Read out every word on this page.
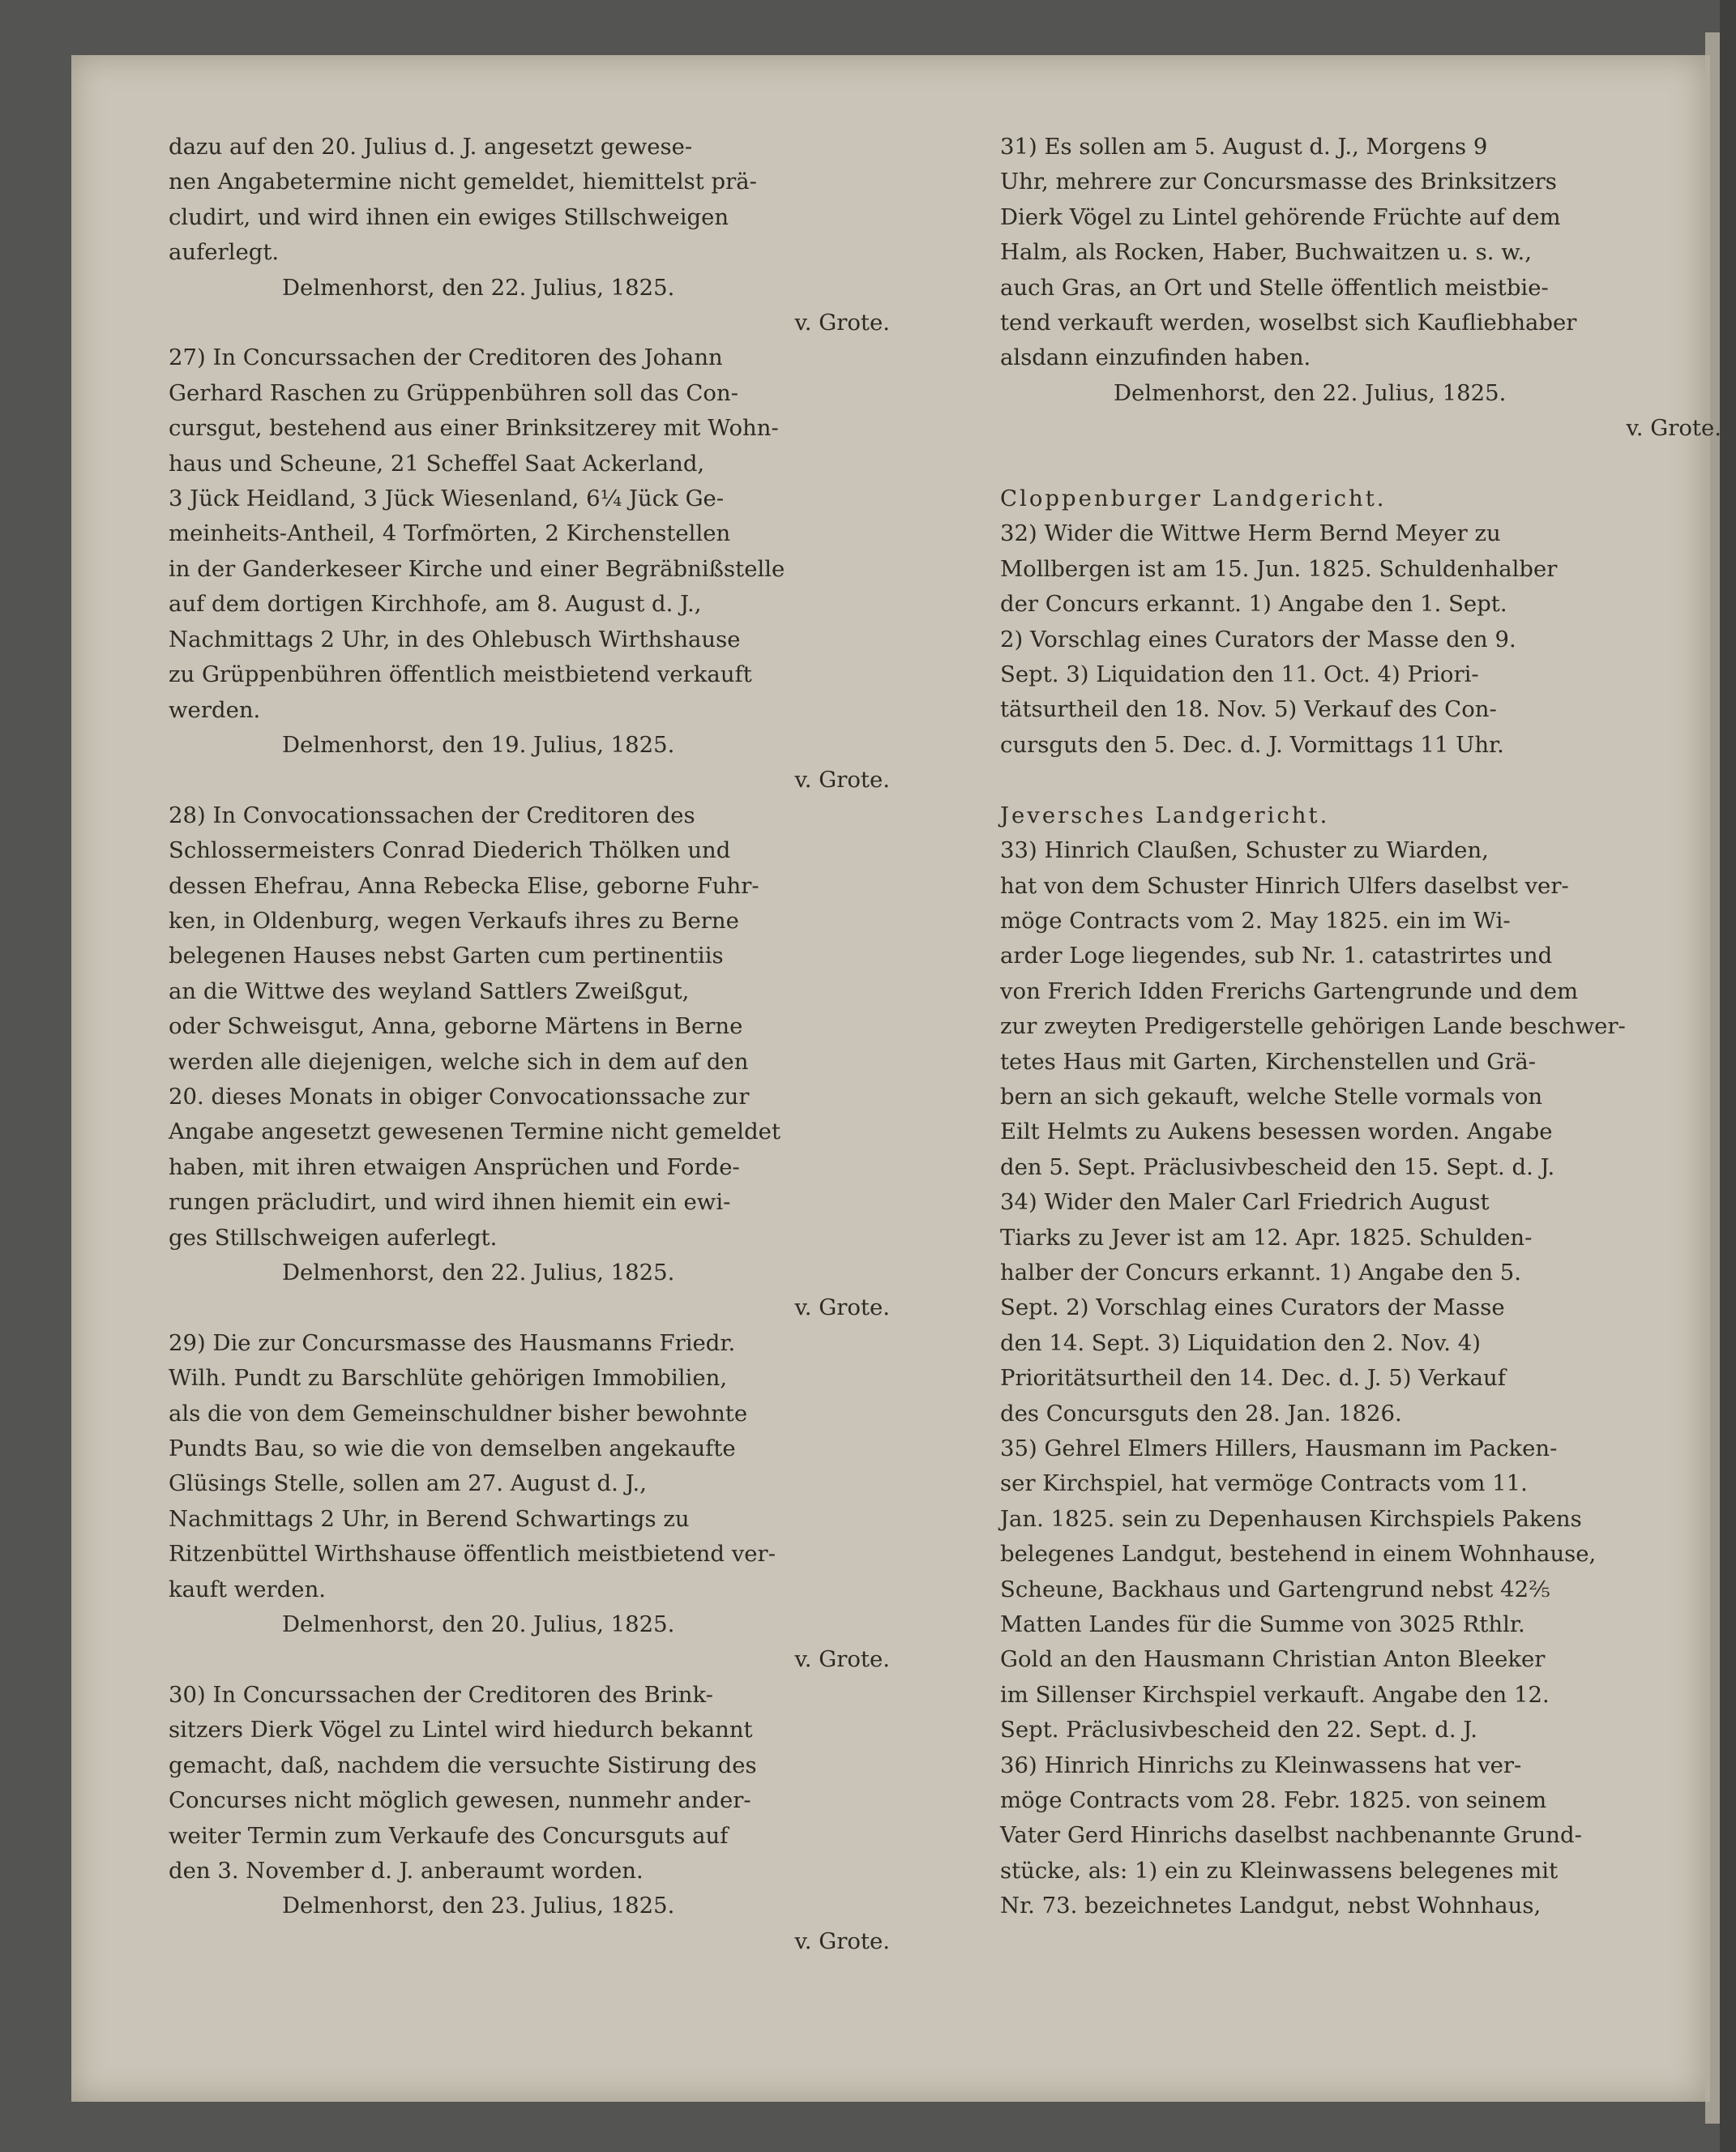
dazu auf den 20. Julius d. J. angesetzt gewese-
nen Angabetermine nicht gemeldet, hiemittelst prä-
cludirt, und wird ihnen ein ewiges Stillschweigen
auferlegt.

Delmenhorst, den 22. Julius, 1825.

v. Grote.

27) In Concurssachen der Creditoren des Johann
Gerhard Raschen zu Grüppenbühren soll das Con-
cursgut, bestehend aus einer Brinksitzerey mit Wohn-
haus und Scheune, 21 Scheffel Saat Ackerland,
3 Jück Heidland, 3 Jück Wiesenland, 6¼ Jück Ge-
meinheits-Antheil, 4 Torfmörten, 2 Kirchenstellen
in der Ganderkeseer Kirche und einer Begräbnißstelle
auf dem dortigen Kirchhofe, am 8. August d. J.,
Nachmittags 2 Uhr, in des Ohlebusch Wirthshause
zu Grüppenbühren öffentlich meistbietend verkauft
werden.

Delmenhorst, den 19. Julius, 1825.

v. Grote.

28) In Convocationssachen der Creditoren des
Schlossermeisters Conrad Diederich Thölken und
dessen Ehefrau, Anna Rebecka Elise, geborne Fuhr-
ken, in Oldenburg, wegen Verkaufs ihres zu Berne
belegenen Hauses nebst Garten cum pertinentiis
an die Wittwe des weyland Sattlers Zweißgut,
oder Schweisgut, Anna, geborne Märtens in Berne
werden alle diejenigen, welche sich in dem auf den
20. dieses Monats in obiger Convocationssache zur
Angabe angesetzt gewesenen Termine nicht gemeldet
haben, mit ihren etwaigen Ansprüchen und Forde-
rungen präcludirt, und wird ihnen hiemit ein ewi-
ges Stillschweigen auferlegt.

Delmenhorst, den 22. Julius, 1825.

v. Grote.

29) Die zur Concursmasse des Hausmanns Friedr.
Wilh. Pundt zu Barschlüte gehörigen Immobilien,
als die von dem Gemeinschuldner bisher bewohnte
Pundts Bau, so wie die von demselben angekaufte
Glüsings Stelle, sollen am 27. August d. J.,
Nachmittags 2 Uhr, in Berend Schwartings zu
Ritzenbüttel Wirthshause öffentlich meistbietend ver-
kauft werden.

Delmenhorst, den 20. Julius, 1825.

v. Grote.

30) In Concurssachen der Creditoren des Brink-
sitzers Dierk Vögel zu Lintel wird hiedurch bekannt
gemacht, daß, nachdem die versuchte Sistirung des
Concurses nicht möglich gewesen, nunmehr ander-
weiter Termin zum Verkaufe des Concursguts auf
den 3. November d. J. anberaumt worden.

Delmenhorst, den 23. Julius, 1825.

v. Grote.

31) Es sollen am 5. August d. J., Morgens 9
Uhr, mehrere zur Concursmasse des Brinksitzers
Dierk Vögel zu Lintel gehörende Früchte auf dem
Halm, als Rocken, Haber, Buchwaitzen u. s. w.,
auch Gras, an Ort und Stelle öffentlich meistbie-
tend verkauft werden, woselbst sich Kaufliebhaber
alsdann einzufinden haben.

Delmenhorst, den 22. Julius, 1825.

v. Grote.

Cloppenburger Landgericht.

32) Wider die Wittwe Herm Bernd Meyer zu
Mollbergen ist am 15. Jun. 1825. Schuldenhalber
der Concurs erkannt. 1) Angabe den 1. Sept.
2) Vorschlag eines Curators der Masse den 9.
Sept. 3) Liquidation den 11. Oct. 4) Priori-
tätsurtheil den 18. Nov. 5) Verkauf des Con-
cursguts den 5. Dec. d. J. Vormittags 11 Uhr.

Jeversches Landgericht.

33) Hinrich Claußen, Schuster zu Wiarden,
hat von dem Schuster Hinrich Ulfers daselbst ver-
möge Contracts vom 2. May 1825. ein im Wi-
arder Loge liegendes, sub Nr. 1. catastrirtes und
von Frerich Idden Frerichs Gartengrunde und dem
zur zweyten Predigerstelle gehörigen Lande beschwer-
tetes Haus mit Garten, Kirchenstellen und Grä-
bern an sich gekauft, welche Stelle vormals von
Eilt Helmts zu Aukens besessen worden. Angabe
den 5. Sept. Präclusivbescheid den 15. Sept. d. J.

34) Wider den Maler Carl Friedrich August
Tiarks zu Jever ist am 12. Apr. 1825. Schulden-
halber der Concurs erkannt. 1) Angabe den 5.
Sept. 2) Vorschlag eines Curators der Masse
den 14. Sept. 3) Liquidation den 2. Nov. 4)
Prioritätsurtheil den 14. Dec. d. J. 5) Verkauf
des Concursguts den 28. Jan. 1826.

35) Gehrel Elmers Hillers, Hausmann im Packen-
ser Kirchspiel, hat vermöge Contracts vom 11.
Jan. 1825. sein zu Depenhausen Kirchspiels Pakens
belegenes Landgut, bestehend in einem Wohnhause,
Scheune, Backhaus und Gartengrund nebst 42⅖
Matten Landes für die Summe von 3025 Rthlr.
Gold an den Hausmann Christian Anton Bleeker
im Sillenser Kirchspiel verkauft. Angabe den 12.
Sept. Präclusivbescheid den 22. Sept. d. J.

36) Hinrich Hinrichs zu Kleinwassens hat ver-
möge Contracts vom 28. Febr. 1825. von seinem
Vater Gerd Hinrichs daselbst nachbenannte Grund-
stücke, als: 1) ein zu Kleinwassens belegenes mit
Nr. 73. bezeichnetes Landgut, nebst Wohnhaus,
